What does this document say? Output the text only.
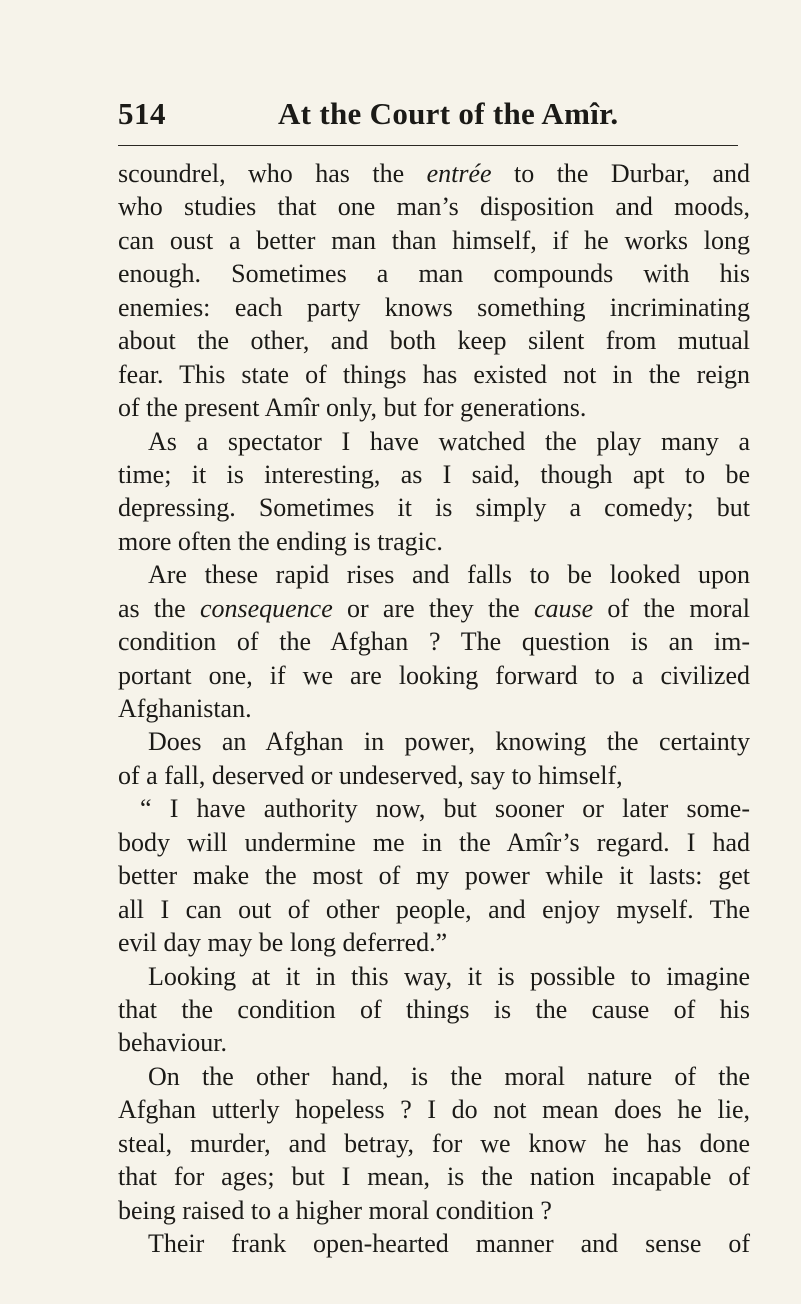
514	At the Court of the Amîr.
scoundrel, who has the entrée to the Durbar, and
who studies that one man’s disposition and moods,
can oust a better man than himself, if he works long
enough. Sometimes a man compounds with his
enemies: each party knows something incriminating
about the other, and both keep silent from mutual
fear. This state of things has existed not in the reign
of the present Amîr only, but for generations.
As a spectator I have watched the play many a
time; it is interesting, as I said, though apt to be
depressing. Sometimes it is simply a comedy; but
more often the ending is tragic.
Are these rapid rises and falls to be looked upon
as the consequence or are they the cause of the moral
condition of the Afghan ? The question is an im-
portant one, if we are looking forward to a civilized
Afghanistan.
Does an Afghan in power, knowing the certainty
of a fall, deserved or undeserved, say to himself,
“ I have authority now, but sooner or later some-
body will undermine me in the Amîr’s regard. I had
better make the most of my power while it lasts: get
all I can out of other people, and enjoy myself. The
evil day may be long deferred.”
Looking at it in this way, it is possible to imagine
that the condition of things is the cause of his
behaviour.
On the other hand, is the moral nature of the
Afghan utterly hopeless ? I do not mean does he lie,
steal, murder, and betray, for we know he has done
that for ages; but I mean, is the nation incapable of
being raised to a higher moral condition ?
Their frank open-hearted manner and sense of
